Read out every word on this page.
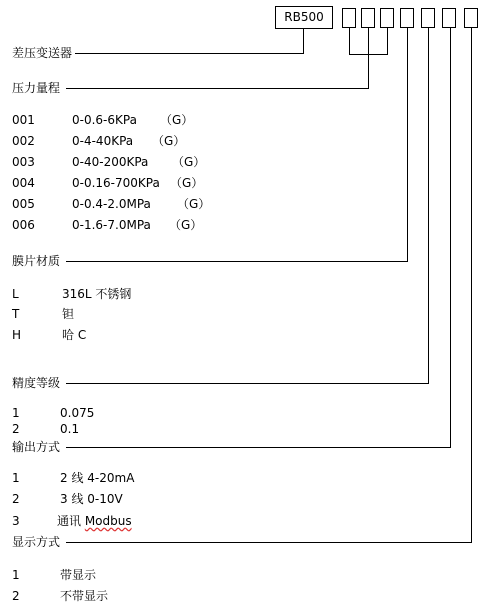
RB500
差压变送器
压力量程
膜片材质
精度等级
输出方式
显示方式
001	0-0.6-6KPa （G）
002	0-4-40KPa （G）
003	0-40-200KPa （G）
004	0-0.16-700KPa （G）
005	0-0.4-2.0MPa （G）
006	0-1.6-7.0MPa （G）
L	316L 不锈钢
T	钽
H	哈 C
1	0.075
2	0.1
1	2 线 4-20mA
2	3 线 0-10V
3	通讯 Modbus
1	带显示
2	不带显示
